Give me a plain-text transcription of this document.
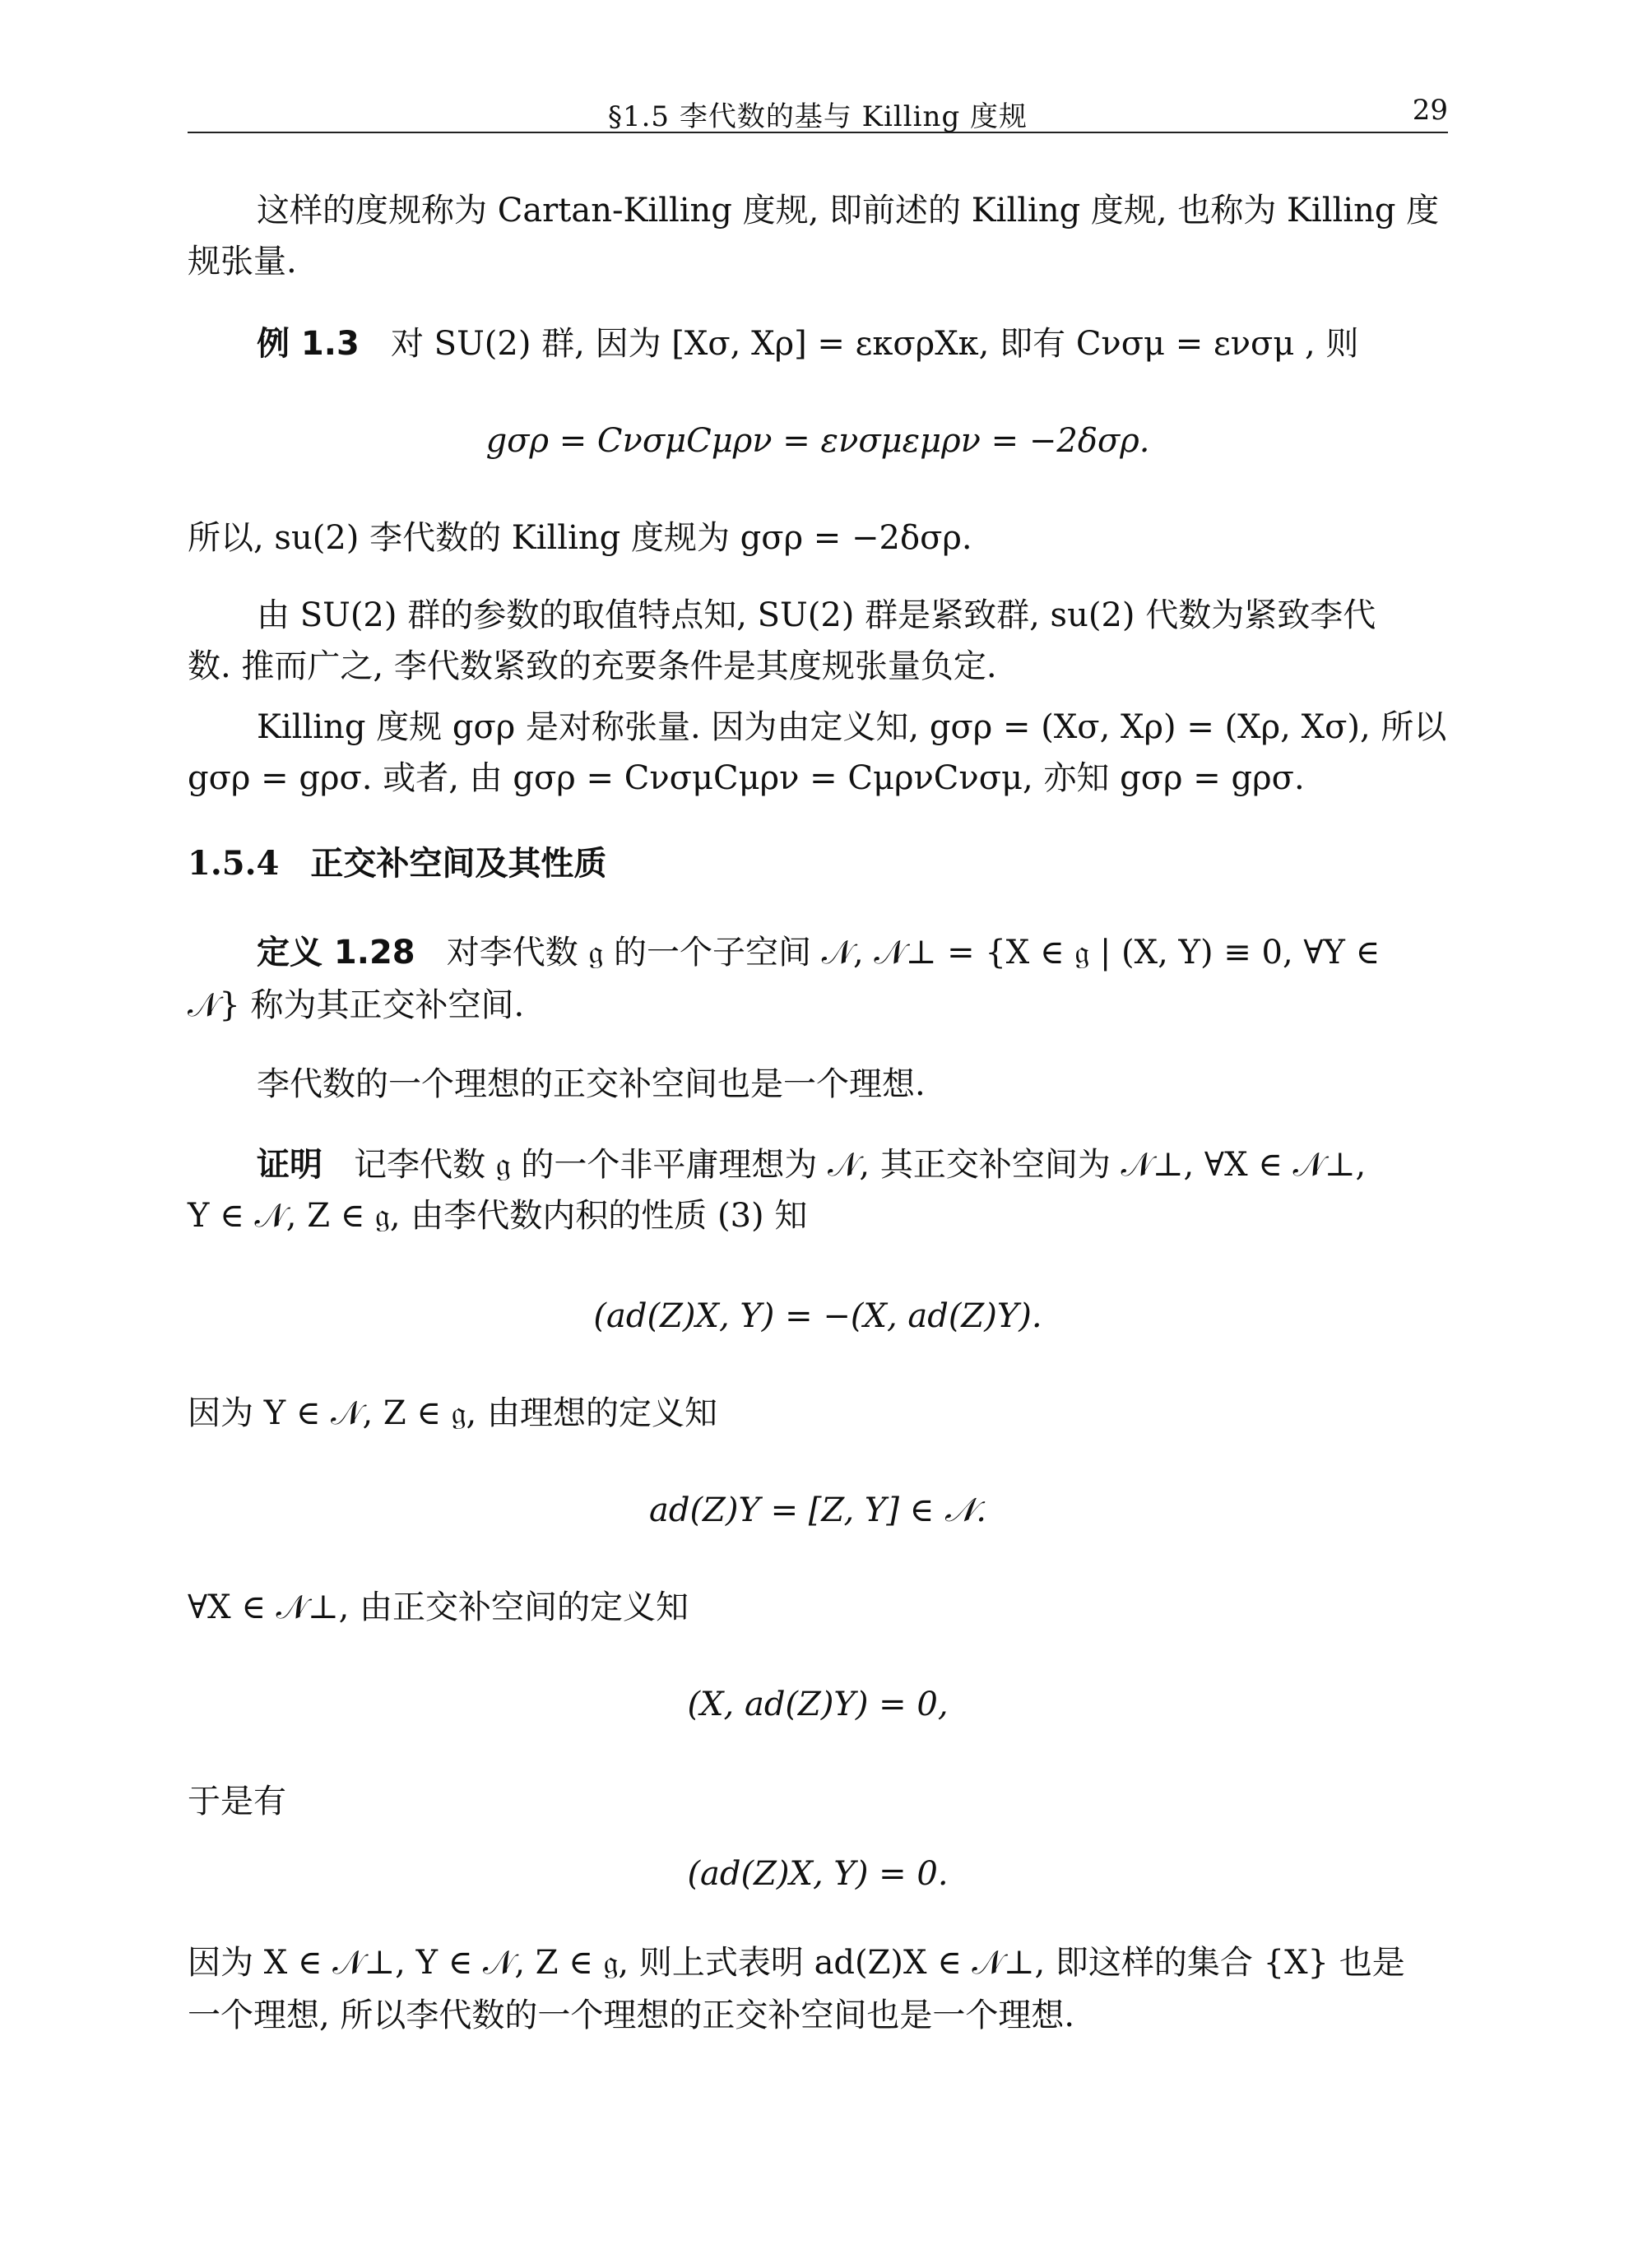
§1.5 李代数的基与 Killing 度规	29
这样的度规称为 Cartan-Killing 度规, 即前述的 Killing 度规, 也称为 Killing 度
规张量.
例 1.3 对 SU(2) 群, 因为 [Xσ, Xρ] = εκσρXκ, 即有 Cνσμ = ενσμ , 则
gσρ = CνσμCμρν = ενσμεμρν = −2δσρ.
所以, su(2) 李代数的 Killing 度规为 gσρ = −2δσρ.
由 SU(2) 群的参数的取值特点知, SU(2) 群是紧致群, su(2) 代数为紧致李代
数. 推而广之, 李代数紧致的充要条件是其度规张量负定.
Killing 度规 gσρ 是对称张量. 因为由定义知, gσρ = (Xσ, Xρ) = (Xρ, Xσ), 所以
gσρ = gρσ. 或者, 由 gσρ = CνσμCμρν = CμρνCνσμ, 亦知 gσρ = gρσ.
1.5.4 正交补空间及其性质
定义 1.28 对李代数 𝔤 的一个子空间 𝒩, 𝒩⊥ = {X ∈ 𝔤 | (X, Y) ≡ 0, ∀Y ∈
𝒩} 称为其正交补空间.
李代数的一个理想的正交补空间也是一个理想.
证明 记李代数 𝔤 的一个非平庸理想为 𝒩, 其正交补空间为 𝒩⊥, ∀X ∈ 𝒩⊥,
Y ∈ 𝒩, Z ∈ 𝔤, 由李代数内积的性质 (3) 知
(ad(Z)X, Y) = −(X, ad(Z)Y).
因为 Y ∈ 𝒩, Z ∈ 𝔤, 由理想的定义知
ad(Z)Y = [Z, Y] ∈ 𝒩.
∀X ∈ 𝒩⊥, 由正交补空间的定义知
(X, ad(Z)Y) = 0,
于是有
(ad(Z)X, Y) = 0.
因为 X ∈ 𝒩⊥, Y ∈ 𝒩, Z ∈ 𝔤, 则上式表明 ad(Z)X ∈ 𝒩⊥, 即这样的集合 {X} 也是
一个理想, 所以李代数的一个理想的正交补空间也是一个理想.
